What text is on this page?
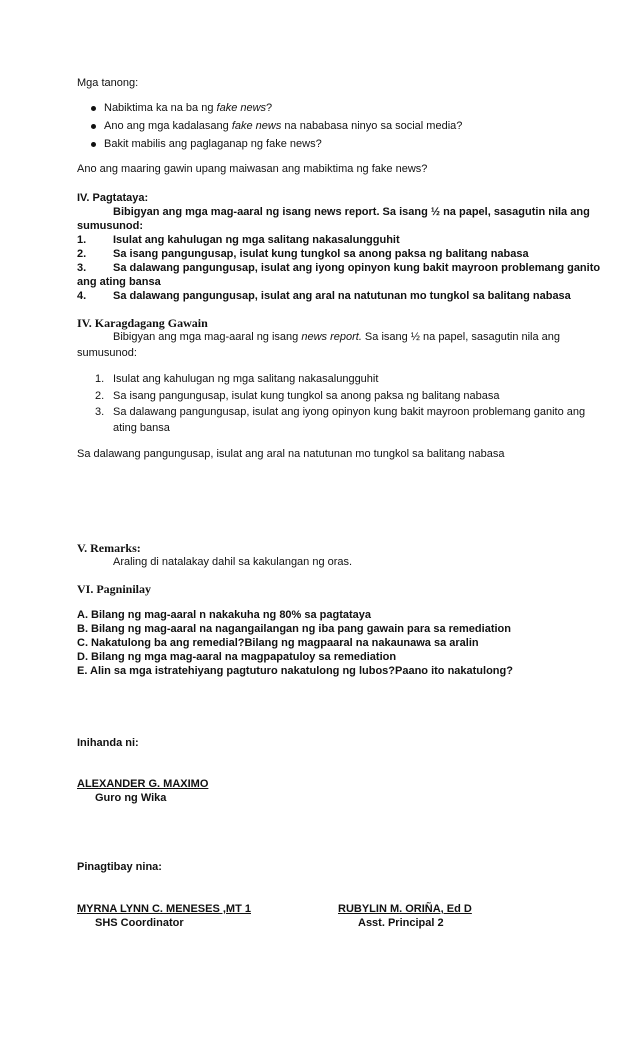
Mga tanong:
Nabiktima ka na ba ng fake news?
Ano ang mga kadalasang fake news na nababasa ninyo sa social media?
Bakit mabilis ang paglaganap ng fake news?
Ano ang maaring gawin upang maiwasan ang mabiktima ng fake news?
IV. Pagtataya:
Bibigyan ang mga mag-aaral ng isang news report. Sa isang ½ na papel, sasagutin nila ang
sumusunod:
1. Isulat ang kahulugan ng mga salitang nakasalungguhit
2. Sa isang pangungusap, isulat kung tungkol sa anong paksa ng balitang nabasa
3. Sa dalawang pangungusap, isulat ang iyong opinyon kung bakit mayroon problemang ganito
ang ating bansa
4. Sa dalawang pangungusap, isulat ang aral na natutunan mo tungkol sa balitang nabasa
IV. Karagdagang Gawain
Bibigyan ang mga mag-aaral ng isang news report. Sa isang ½ na papel, sasagutin nila ang
sumusunod:
1. Isulat ang kahulugan ng mga salitang nakasalungguhit
2. Sa isang pangungusap, isulat kung tungkol sa anong paksa ng balitang nabasa
3. Sa dalawang pangungusap, isulat ang iyong opinyon kung bakit mayroon problemang ganito ang
ating bansa
Sa dalawang pangungusap, isulat ang aral na natutunan mo tungkol sa balitang nabasa
V. Remarks:
Araling di natalakay dahil sa kakulangan ng oras.
VI. Pagninilay
A. Bilang ng mag-aaral n nakakuha ng 80% sa pagtataya
B. Bilang ng mag-aaral na nagangailangan ng iba pang gawain para sa remediation
C. Nakatulong ba ang remedial?Bilang ng magpaaral na nakaunawa sa aralin
D. Bilang ng mga mag-aaral na magpapatuloy sa remediation
E. Alin sa mga istratehiyang pagtuturo nakatulong ng lubos?Paano ito nakatulong?
Inihanda ni:
ALEXANDER G. MAXIMO
Guro ng Wika
Pinagtibay nina:
MYRNA LYNN C. MENESES ,MT 1
SHS Coordinator
RUBYLIN M. ORIÑA, Ed D
Asst. Principal 2
